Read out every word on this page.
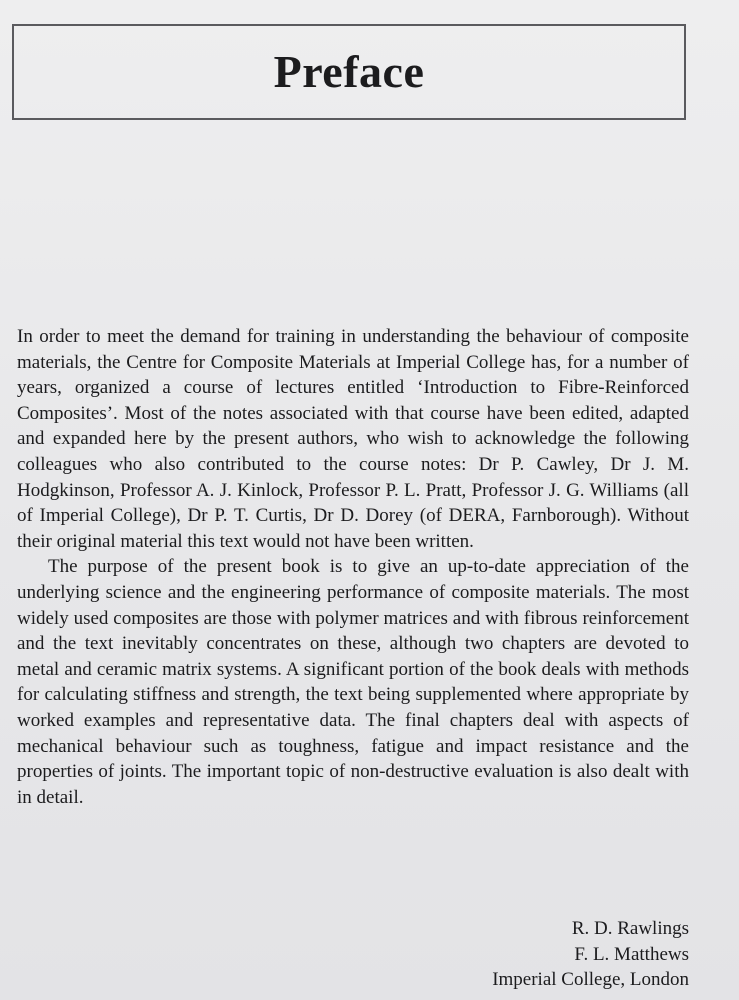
Preface

In order to meet the demand for training in understanding the behaviour of composite materials, the Centre for Composite Materials at Imperial College has, for a number of years, organized a course of lectures entitled ‘Introduction to Fibre-Reinforced Composites’. Most of the notes associated with that course have been edited, adapted and expanded here by the present authors, who wish to acknowledge the following colleagues who also contributed to the course notes: Dr P. Cawley, Dr J. M. Hodgkinson, Professor A. J. Kinlock, Professor P. L. Pratt, Professor J. G. Williams (all of Imperial College), Dr P. T. Curtis, Dr D. Dorey (of DERA, Farnborough). Without their original material this text would not have been written.

The purpose of the present book is to give an up-to-date appreciation of the underlying science and the engineering performance of composite materials. The most widely used composites are those with polymer matrices and with fibrous reinforcement and the text inevitably concentrates on these, although two chapters are devoted to metal and ceramic matrix systems. A significant portion of the book deals with methods for calculating stiffness and strength, the text being supplemented where appropriate by worked examples and representative data. The final chapters deal with aspects of mechanical behaviour such as toughness, fatigue and impact resistance and the properties of joints. The important topic of non-destructive evaluation is also dealt with in detail.

R. D. Rawlings
F. L. Matthews
Imperial College, London
